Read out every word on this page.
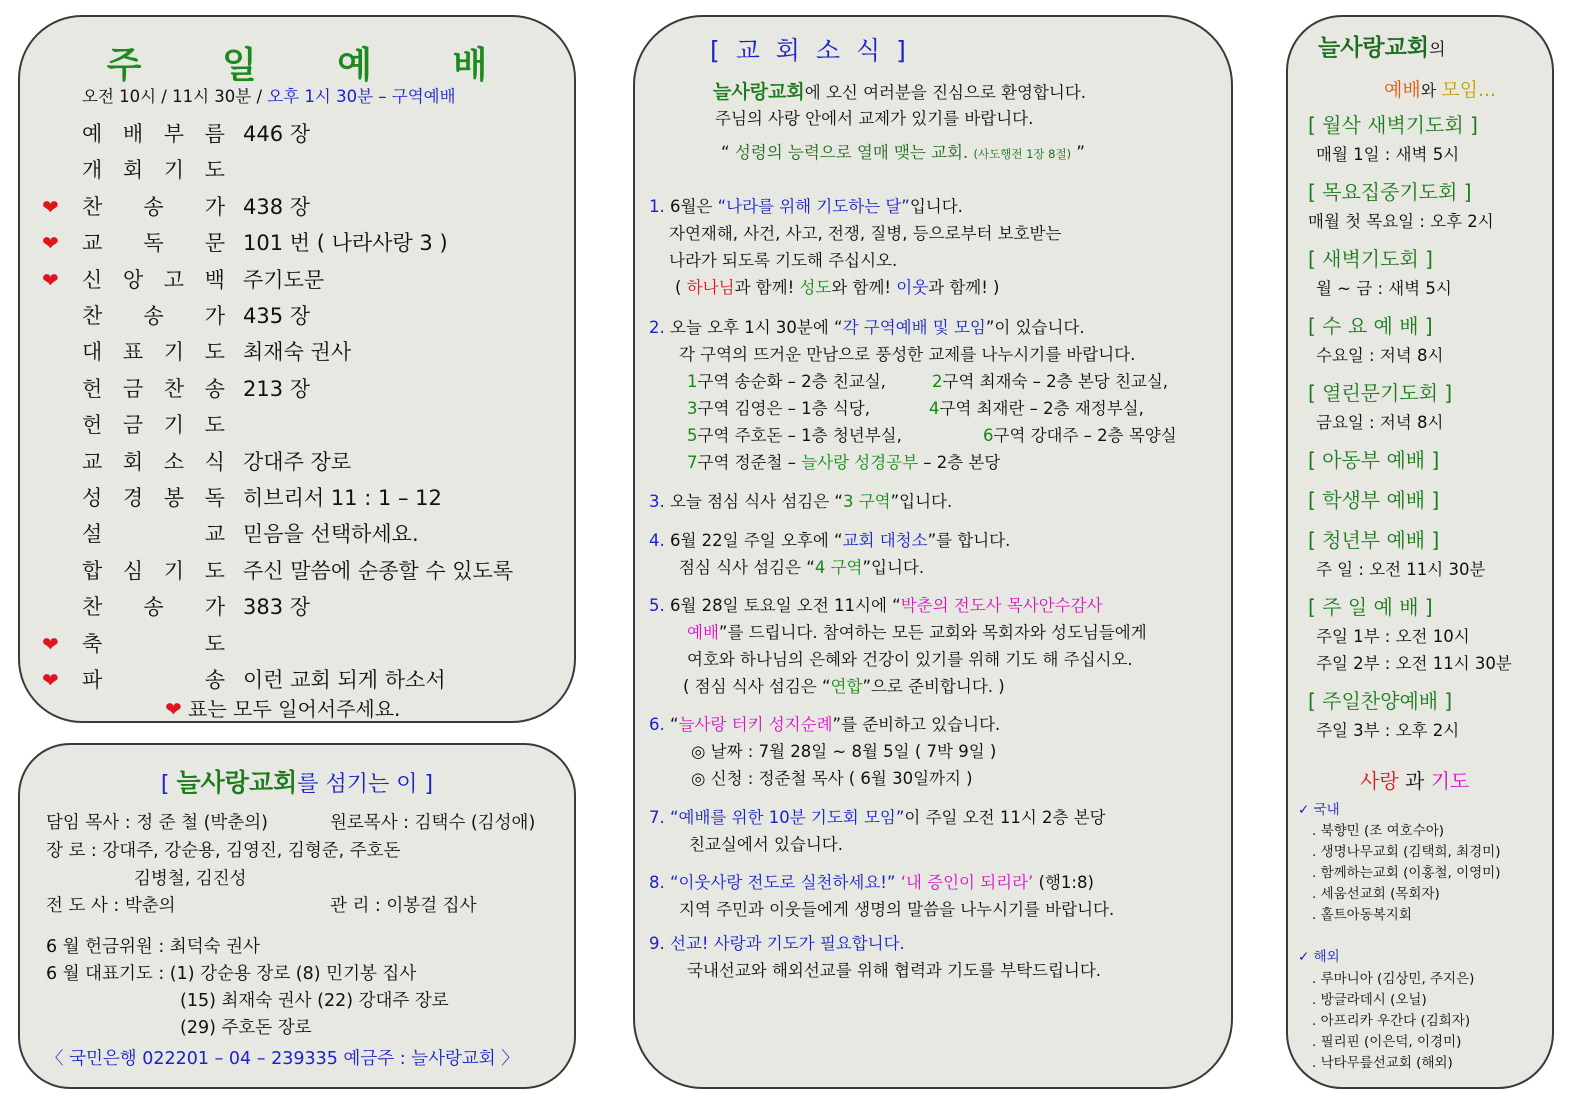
주 일 예 배
오전 10시 / 11시 30분 / 오후 1시 30분 – 구역예배
예 배 부 름 446 장
개 회 기 도
❤ 찬 송 가 438 장
❤ 교 독 문 101 번 ( 나라사랑 3 )
❤ 신 앙 고 백 주기도문
찬 송 가 435 장
대 표 기 도 최재숙 권사
헌 금 찬 송 213 장
헌 금 기 도
교 회 소 식 강대주 장로
성 경 봉 독 히브리서 11 : 1 – 12
설	교 믿음을 선택하세요.
합 심 기 도 주신 말씀에 순종할 수 있도록
찬 송 가 383 장
❤ 축	도
❤ 파	송 이런 교회 되게 하소서
❤ 표는 모두 일어서주세요.
[ 늘사랑교회를 섬기는 이 ]
담임 목사 : 정 준 철 (박춘의)	원로목사 : 김택수 (김성애)
장 로 : 강대주, 강순용, 김영진, 김형준, 주호돈
김병철, 김진성
전 도 사 : 박춘의	관 리 : 이봉걸 집사
6 월 헌금위원 : 최덕숙 권사
6 월 대표기도 : (1) 강순용 장로 (8) 민기봉 집사
(15) 최재숙 권사 (22) 강대주 장로
(29) 주호돈 장로
〈 국민은행 022201 – 04 – 239335 예금주 : 늘사랑교회 〉
[ 교 회 소 식 ]
늘사랑교회에 오신 여러분을 진심으로 환영합니다.
주님의 사랑 안에서 교제가 있기를 바랍니다.
“ 성령의 능력으로 열매 맺는 교회. (사도행전 1장 8절) ”
1. 6월은 “나라를 위해 기도하는 달”입니다.
자연재해, 사건, 사고, 전쟁, 질병, 등으로부터 보호받는
나라가 되도록 기도해 주십시오.
( 하나님과 함께! 성도와 함께! 이웃과 함께! )
2. 오늘 오후 1시 30분에 “각 구역예배 및 모임”이 있습니다.
각 구역의 뜨거운 만남으로 풍성한 교제를 나누시기를 바랍니다.
1구역 송순화 – 2층 친교실,	2구역 최재숙 – 2층 본당 친교실,
3구역 김영은 – 1층 식당,	4구역 최재란 – 2층 재정부실,
5구역 주호돈 – 1층 청년부실,	6구역 강대주 – 2층 목양실
7구역 정준철 – 늘사랑 성경공부 – 2층 본당
3. 오늘 점심 식사 섬김은 “3 구역”입니다.
4. 6월 22일 주일 오후에 “교회 대청소”를 합니다.
점심 식사 섬김은 “4 구역”입니다.
5. 6월 28일 토요일 오전 11시에 “박춘의 전도사 목사안수감사
예배”를 드립니다. 참여하는 모든 교회와 목회자와 성도님들에게
여호와 하나님의 은혜와 건강이 있기를 위해 기도 해 주십시오.
( 점심 식사 섬김은 “연합”으로 준비합니다. )
6. “늘사랑 터키 성지순례”를 준비하고 있습니다.
◎ 날짜 : 7월 28일 ~ 8월 5일 ( 7박 9일 )
◎ 신청 : 정준철 목사 ( 6월 30일까지 )
7. “예배를 위한 10분 기도회 모임”이 주일 오전 11시 2층 본당
친교실에서 있습니다.
8. “이웃사랑 전도로 실천하세요!” ‘내 증인이 되리라’ (행1:8)
지역 주민과 이웃들에게 생명의 말씀을 나누시기를 바랍니다.
9. 선교! 사랑과 기도가 필요합니다.
국내선교와 해외선교를 위해 협력과 기도를 부탁드립니다.
늘사랑교회의
예배와 모임...
[ 월삭 새벽기도회 ]
매월 1일 : 새벽 5시
[ 목요집중기도회 ]
매월 첫 목요일 : 오후 2시
[ 새벽기도회 ]
월 ~ 금 : 새벽 5시
[ 수 요 예 배 ]
수요일 : 저녁 8시
[ 열린문기도회 ]
금요일 : 저녁 8시
[ 아동부 예배 ]
[ 학생부 예배 ]
[ 청년부 예배 ]
주 일 : 오전 11시 30분
[ 주 일 예 배 ]
주일 1부 : 오전 10시
주일 2부 : 오전 11시 30분
[ 주일찬양예배 ]
주일 3부 : 오후 2시
사랑 과 기도
✓ 국내
. 북향민 (조 여호수아)
. 생명나무교회 (김택희, 최경미)
. 함께하는교회 (이홍철, 이영미)
. 세움선교회 (목회자)
. 홀트아동복지회
✓ 해외
. 루마니아 (김상민, 주지은)
. 방글라데시 (오닐)
. 아프리카 우간다 (김희자)
. 필리핀 (이은덕, 이경미)
. 낙타무릎선교회 (해외)
